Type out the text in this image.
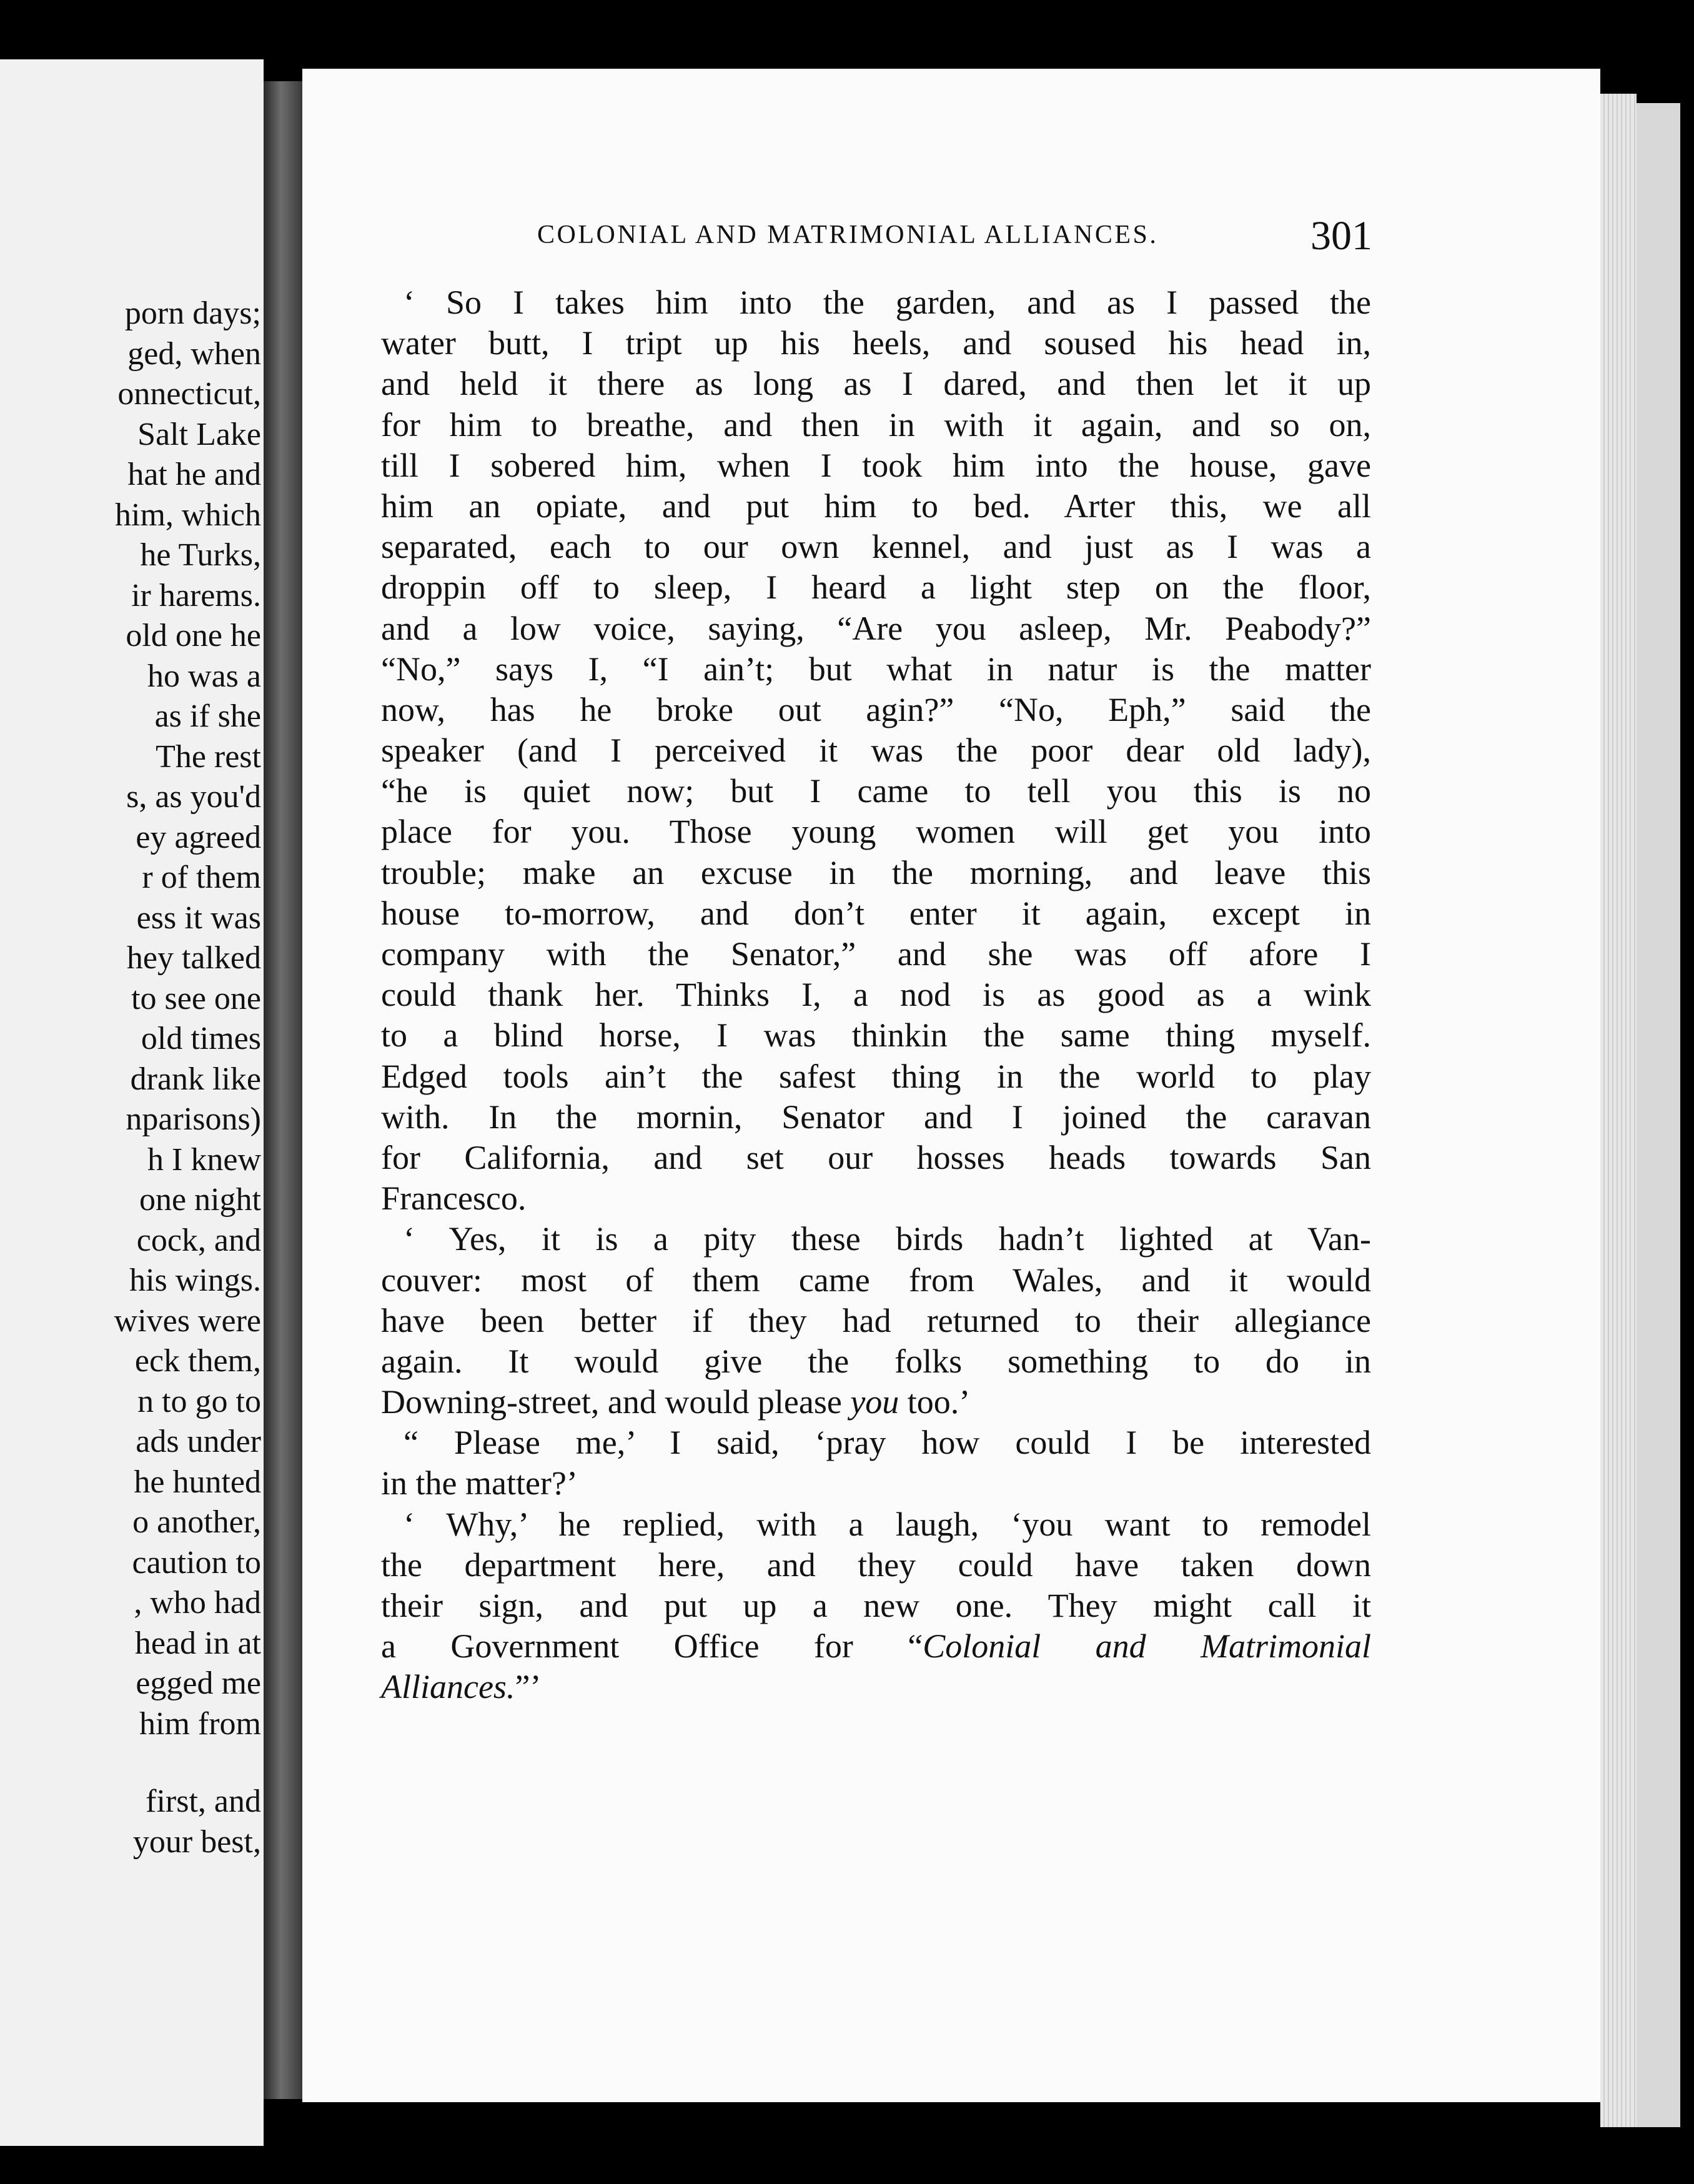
porn days;
ged, when
onnecticut,
Salt Lake
hat he and
him, which
he Turks,
ir harems.
old one he
ho was a
as if she
The rest
s, as you'd
ey agreed
r of them
ess it was
hey talked
to see one
old times
drank like
nparisons)
h I knew
one night
cock, and
his wings.
wives were
eck them,
n to go to
ads under
he hunted
o another,
caution to
, who had
head in at
egged me
him from
first, and
your best,
COLONIAL AND MATRIMONIAL ALLIANCES.	301
‘ So I takes him into the garden, and as I passed the
water butt, I tript up his heels, and soused his head in,
and held it there as long as I dared, and then let it up
for him to breathe, and then in with it again, and so on,
till I sobered him, when I took him into the house, gave
him an opiate, and put him to bed. Arter this, we all
separated, each to our own kennel, and just as I was a
droppin off to sleep, I heard a light step on the floor,
and a low voice, saying, “Are you asleep, Mr. Peabody?”
“No,” says I, “I ain’t; but what in natur is the matter
now, has he broke out agin?” “No, Eph,” said the
speaker (and I perceived it was the poor dear old lady),
“he is quiet now; but I came to tell you this is no
place for you. Those young women will get you into
trouble; make an excuse in the morning, and leave this
house to-morrow, and don’t enter it again, except in
company with the Senator,” and she was off afore I
could thank her. Thinks I, a nod is as good as a wink
to a blind horse, I was thinkin the same thing myself.
Edged tools ain’t the safest thing in the world to play
with. In the mornin, Senator and I joined the caravan
for California, and set our hosses heads towards San
Francesco.
‘ Yes, it is a pity these birds hadn’t lighted at Van-
couver: most of them came from Wales, and it would
have been better if they had returned to their allegiance
again. It would give the folks something to do in
Downing-street, and would please you too.’
“ Please me,’ I said, ‘pray how could I be interested
in the matter?’
‘ Why,’ he replied, with a laugh, ‘you want to remodel
the department here, and they could have taken down
their sign, and put up a new one. They might call it
a Government Office for “Colonial and Matrimonial
Alliances.”’
